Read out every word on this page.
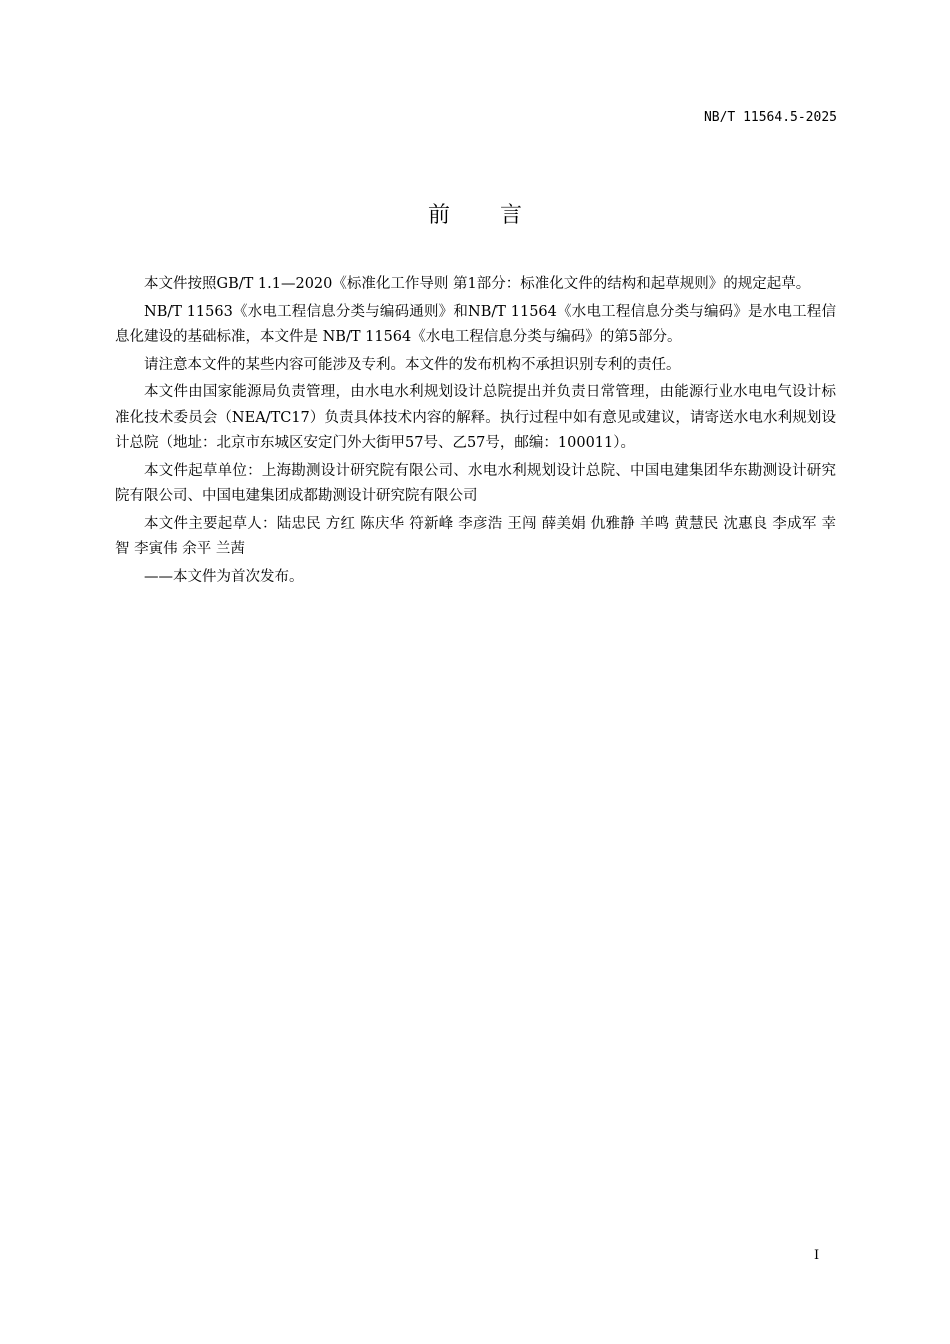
NB/T 11564.5-2025
前言

本文件按照GB/T 1.1—2020《标准化工作导则 第1部分：标准化文件的结构和起草规则》的规定起草。

NB/T 11563《水电工程信息分类与编码通则》和NB/T 11564《水电工程信息分类与编码》是水电工程信息化建设的基础标准，本文件是 NB/T 11564《水电工程信息分类与编码》的第5部分。

请注意本文件的某些内容可能涉及专利。本文件的发布机构不承担识别专利的责任。

本文件由国家能源局负责管理，由水电水利规划设计总院提出并负责日常管理，由能源行业水电电气设计标准化技术委员会（NEA/TC17）负责具体技术内容的解释。执行过程中如有意见或建议，请寄送水电水利规划设计总院（地址：北京市东城区安定门外大街甲57号、乙57号，邮编：100011）。

本文件起草单位：上海勘测设计研究院有限公司、水电水利规划设计总院、中国电建集团华东勘测设计研究院有限公司、中国电建集团成都勘测设计研究院有限公司

本文件主要起草人：陆忠民 方红 陈庆华 符新峰 李彦浩 王闯 薛美娟 仇雅静 羊鸣 黄慧民 沈惠良 李成军 幸智 李寅伟 余平 兰茜

——本文件为首次发布。

I
